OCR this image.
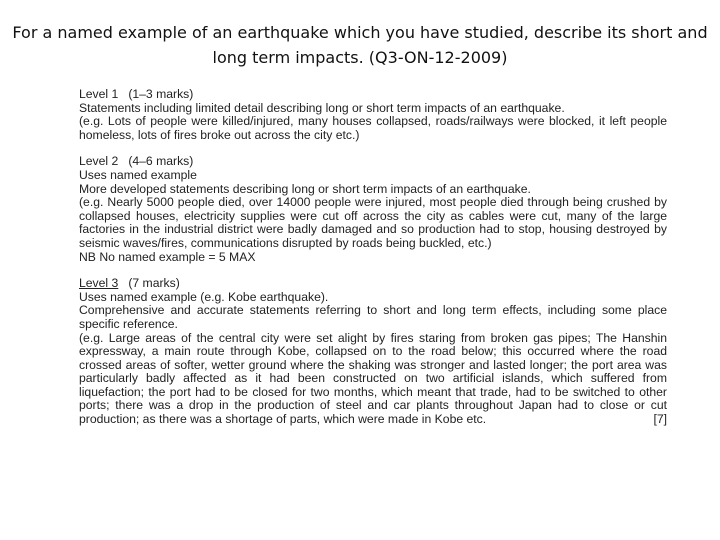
For a named example of an earthquake which you have studied, describe its short and long term impacts. (Q3-ON-12-2009)

Level 1 (1–3 marks)

Statements including limited detail describing long or short term impacts of an earthquake.

(e.g. Lots of people were killed/injured, many houses collapsed, roads/railways were blocked, it left people homeless, lots of fires broke out across the city etc.)

Level 2 (4–6 marks)

Uses named example

More developed statements describing long or short term impacts of an earthquake.

(e.g. Nearly 5000 people died, over 14000 people were injured, most people died through being crushed by collapsed houses, electricity supplies were cut off across the city as cables were cut, many of the large factories in the industrial district were badly damaged and so production had to stop, housing destroyed by seismic waves/fires, communications disrupted by roads being buckled, etc.)

NB No named example = 5 MAX

Level 3 (7 marks)

Uses named example (e.g. Kobe earthquake).

Comprehensive and accurate statements referring to short and long term effects, including some place specific reference.

(e.g. Large areas of the central city were set alight by fires staring from broken gas pipes; The Hanshin expressway, a main route through Kobe, collapsed on to the road below; this occurred where the road crossed areas of softer, wetter ground where the shaking was stronger and lasted longer; the port area was particularly badly affected as it had been constructed on two artificial islands, which suffered from liquefaction; the port had to be closed for two months, which meant that trade, had to be switched to other ports; there was a drop in the production of steel and car plants throughout Japan had to close or cut production; as there was a shortage of parts, which were made in Kobe etc.	[7]
